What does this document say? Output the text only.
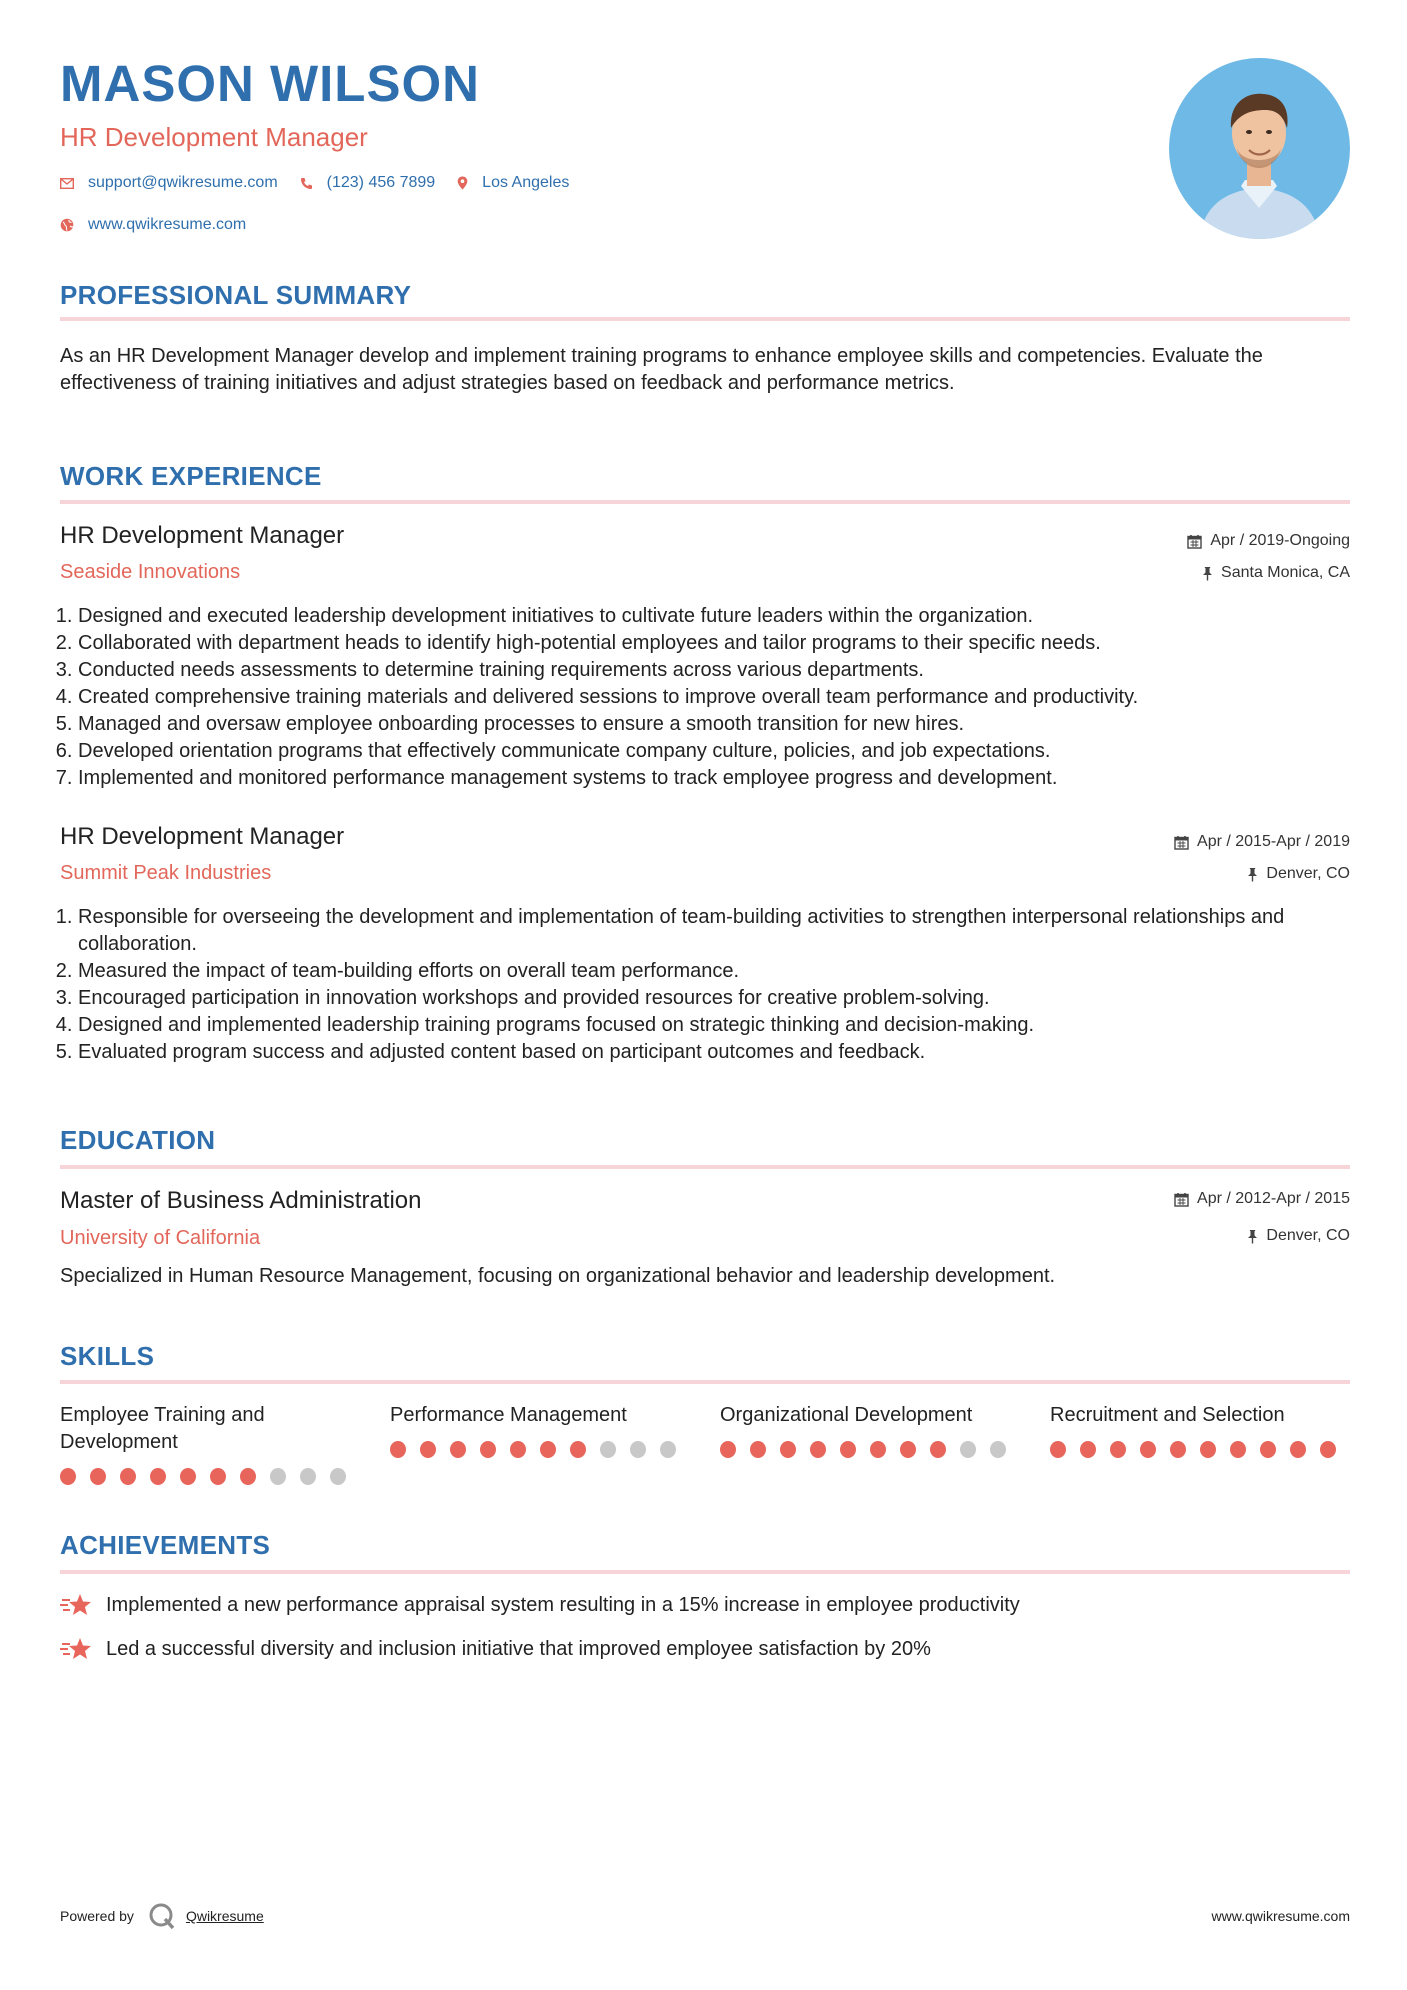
MASON WILSON
HR Development Manager
support@qwikresume.com	(123) 456 7899	Los Angeles
www.qwikresume.com
PROFESSIONAL SUMMARY

As an HR Development Manager develop and implement training programs to enhance employee skills and competencies. Evaluate the effectiveness of training initiatives and adjust strategies based on feedback and performance metrics.

WORK EXPERIENCE
HR Development Manager
Seaside Innovations
Apr / 2019-Ongoing
Santa Monica, CA
1. Designed and executed leadership development initiatives to cultivate future leaders within the organization.
2. Collaborated with department heads to identify high-potential employees and tailor programs to their specific needs.
3. Conducted needs assessments to determine training requirements across various departments.
4. Created comprehensive training materials and delivered sessions to improve overall team performance and productivity.
5. Managed and oversaw employee onboarding processes to ensure a smooth transition for new hires.
6. Developed orientation programs that effectively communicate company culture, policies, and job expectations.
7. Implemented and monitored performance management systems to track employee progress and development.
HR Development Manager
Summit Peak Industries
Apr / 2015-Apr / 2019
Denver, CO
1. Responsible for overseeing the development and implementation of team-building activities to strengthen interpersonal relationships and collaboration.
2. Measured the impact of team-building efforts on overall team performance.
3. Encouraged participation in innovation workshops and provided resources for creative problem-solving.
4. Designed and implemented leadership training programs focused on strategic thinking and decision-making.
5. Evaluated program success and adjusted content based on participant outcomes and feedback.
EDUCATION
Master of Business Administration
University of California
Apr / 2012-Apr / 2015
Denver, CO

Specialized in Human Resource Management, focusing on organizational behavior and leadership development.

SKILLS
Employee Training and Development
Performance Management	Organizational Development	Recruitment and Selection
ACHIEVEMENTS
Implemented a new performance appraisal system resulting in a 15% increase in employee productivity
Led a successful diversity and inclusion initiative that improved employee satisfaction by 20%
Powered by	Qwikresume	www.qwikresume.com
